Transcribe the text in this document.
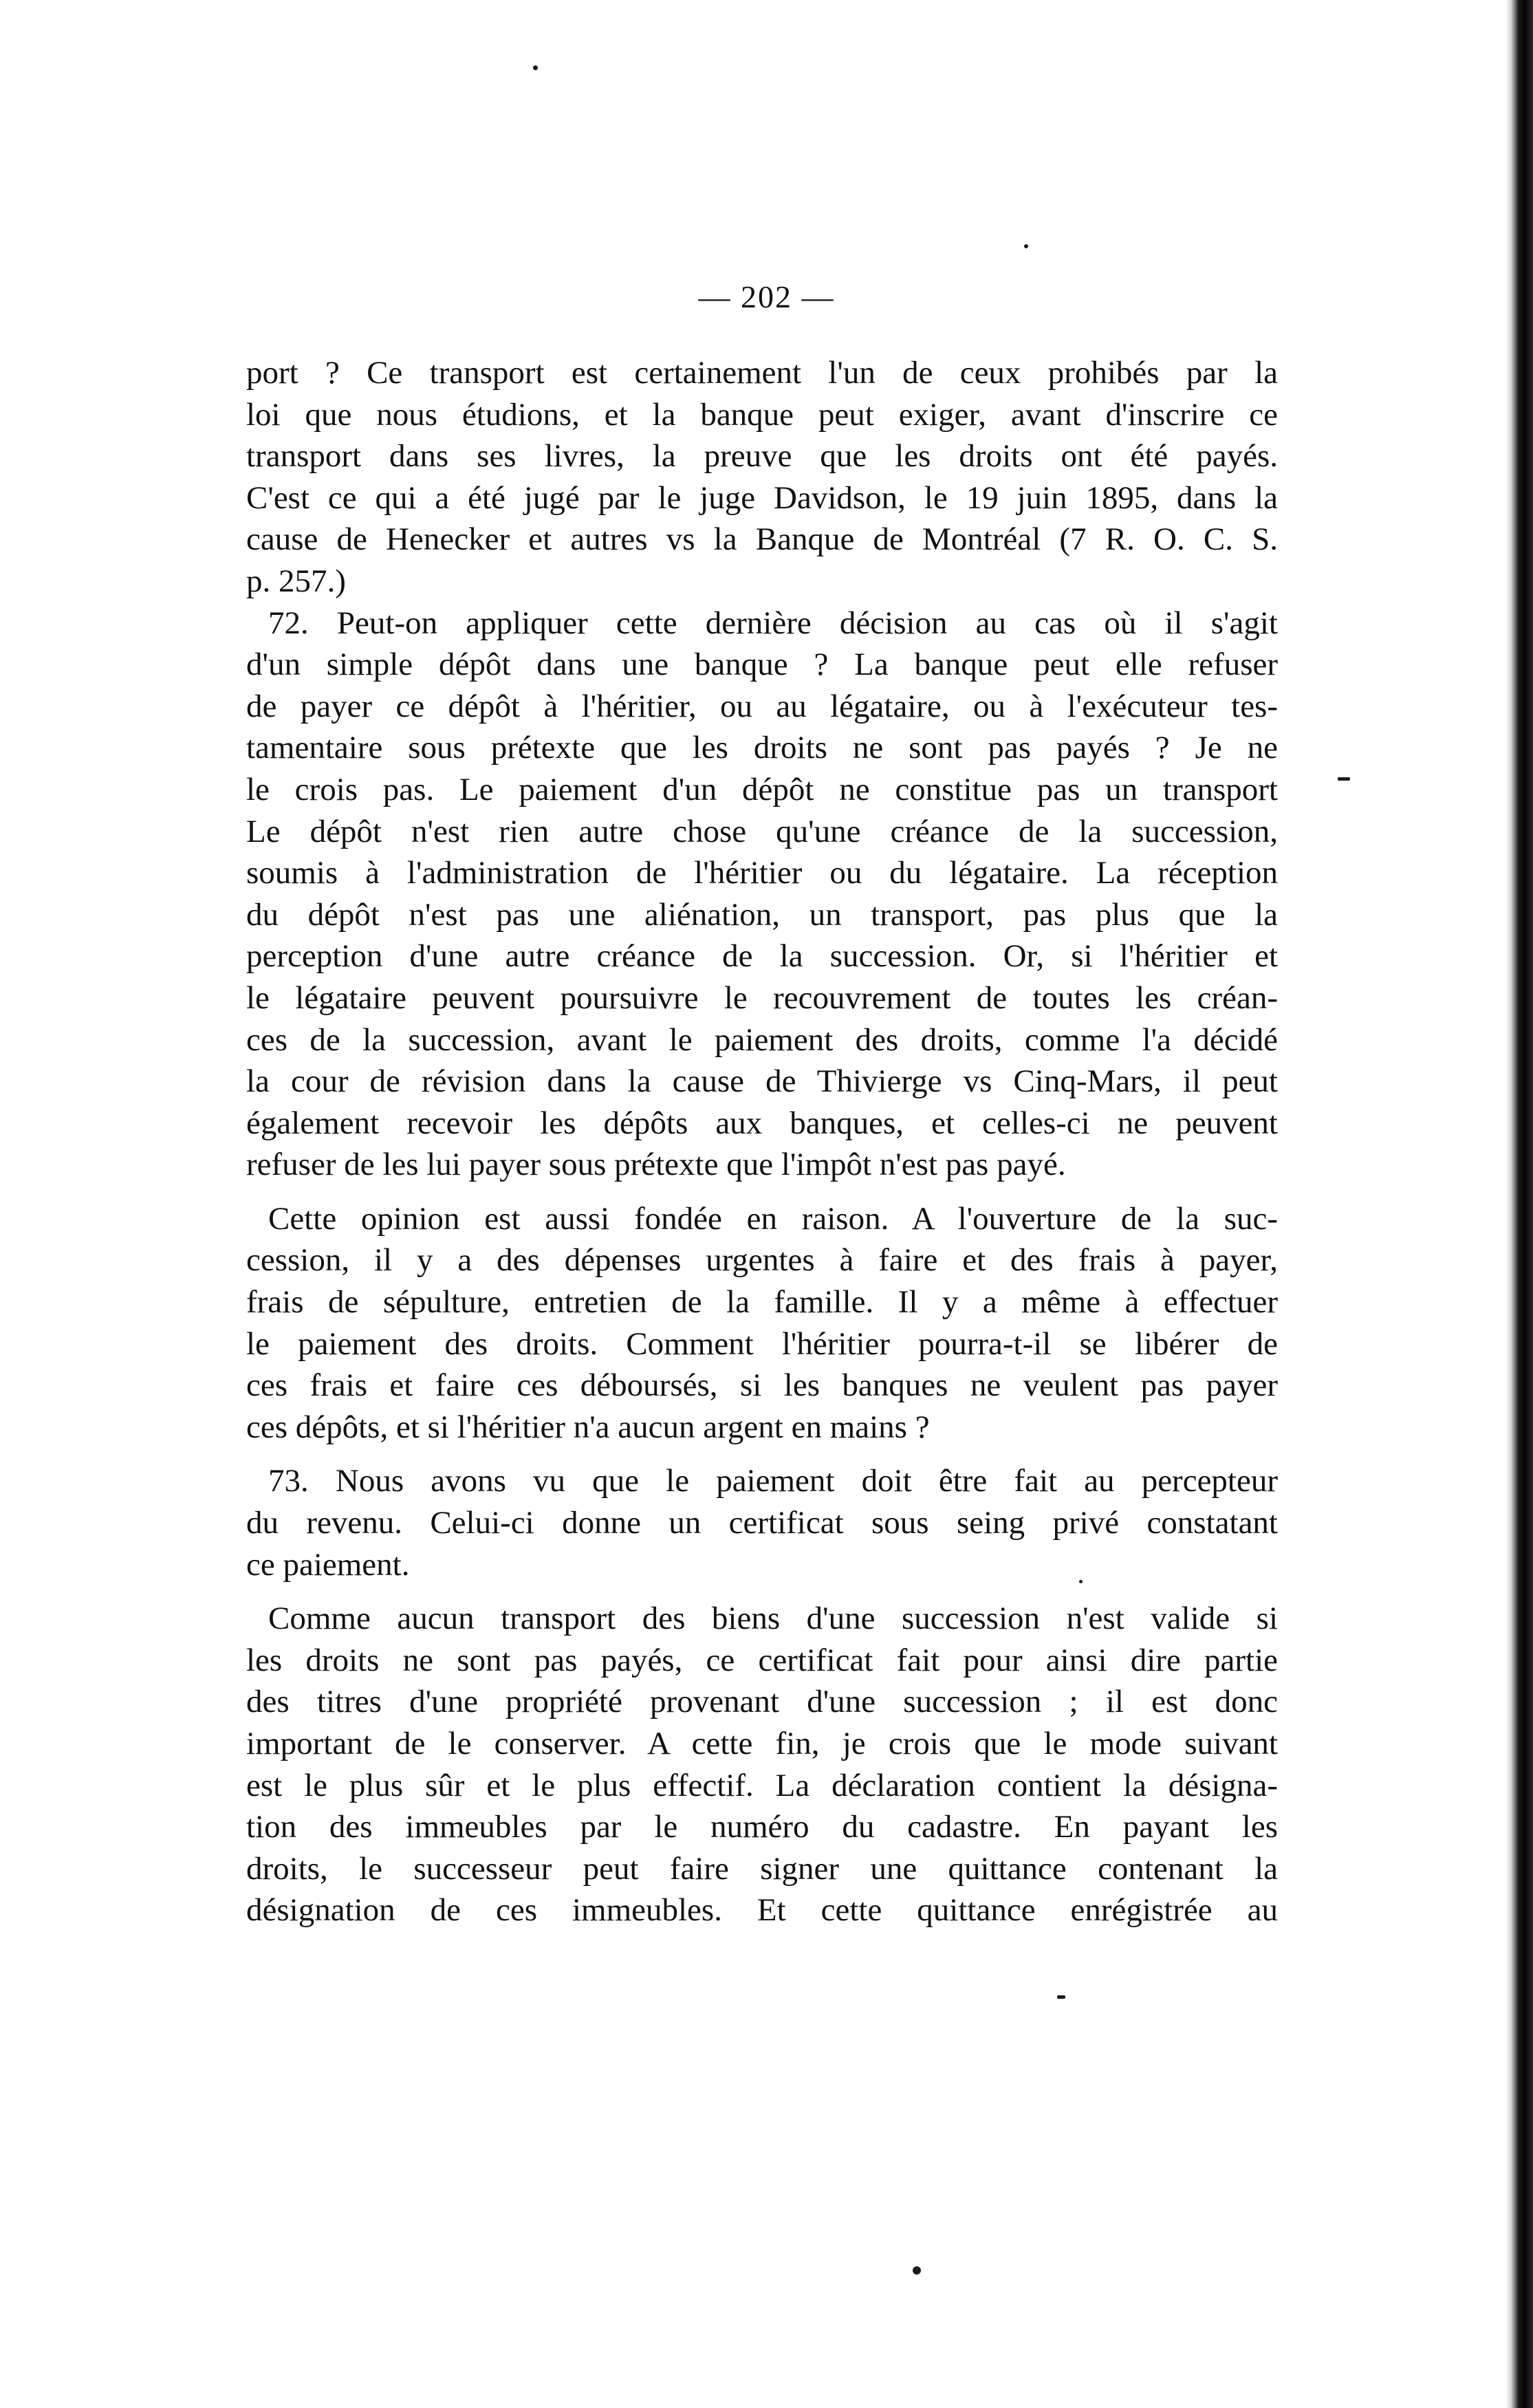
— 202 —
port ? Ce transport est certainement l'un de ceux prohibés par la
loi que nous étudions, et la banque peut exiger, avant d'inscrire ce
transport dans ses livres, la preuve que les droits ont été payés.
C'est ce qui a été jugé par le juge Davidson, le 19 juin 1895, dans la
cause de Henecker et autres vs la Banque de Montréal (7 R. O. C. S.
p. 257.)
72. Peut-on appliquer cette dernière décision au cas où il s'agit
d'un simple dépôt dans une banque ? La banque peut elle refuser
de payer ce dépôt à l'héritier, ou au légataire, ou à l'exécuteur tes-
tamentaire sous prétexte que les droits ne sont pas payés ? Je ne
le crois pas. Le paiement d'un dépôt ne constitue pas un transport
Le dépôt n'est rien autre chose qu'une créance de la succession,
soumis à l'administration de l'héritier ou du légataire. La réception
du dépôt n'est pas une aliénation, un transport, pas plus que la
perception d'une autre créance de la succession. Or, si l'héritier et
le légataire peuvent poursuivre le recouvrement de toutes les créan-
ces de la succession, avant le paiement des droits, comme l'a décidé
la cour de révision dans la cause de Thivierge vs Cinq-Mars, il peut
également recevoir les dépôts aux banques, et celles-ci ne peuvent
refuser de les lui payer sous prétexte que l'impôt n'est pas payé.
Cette opinion est aussi fondée en raison. A l'ouverture de la suc-
cession, il y a des dépenses urgentes à faire et des frais à payer,
frais de sépulture, entretien de la famille. Il y a même à effectuer
le paiement des droits. Comment l'héritier pourra-t-il se libérer de
ces frais et faire ces déboursés, si les banques ne veulent pas payer
ces dépôts, et si l'héritier n'a aucun argent en mains ?
73. Nous avons vu que le paiement doit être fait au percepteur
du revenu. Celui-ci donne un certificat sous seing privé constatant
ce paiement.
Comme aucun transport des biens d'une succession n'est valide si
les droits ne sont pas payés, ce certificat fait pour ainsi dire partie
des titres d'une propriété provenant d'une succession ; il est donc
important de le conserver. A cette fin, je crois que le mode suivant
est le plus sûr et le plus effectif. La déclaration contient la désigna-
tion des immeubles par le numéro du cadastre. En payant les
droits, le successeur peut faire signer une quittance contenant la
désignation de ces immeubles. Et cette quittance enrégistrée au
